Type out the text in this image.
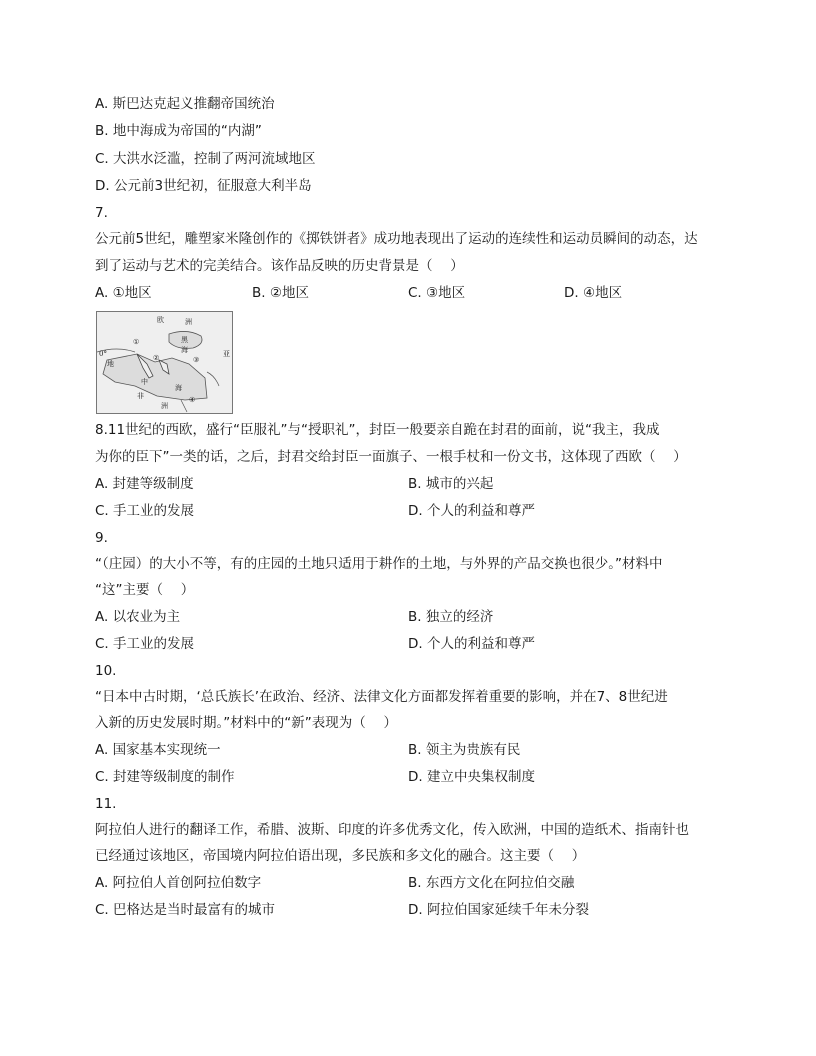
A. 斯巴达克起义推翻帝国统治
B. 地中海成为帝国的“内湖”
C. 大洪水泛滥，控制了两河流域地区
D. 公元前3世纪初，征服意大利半岛
7.
公元前5世纪，雕塑家米隆创作的《掷铁饼者》成功地表现出了运动的连续性和运动员瞬间的动态，达
到了运动与艺术的完美结合。该作品反映的历史背景是（　 ）
A. ①地区	B. ②地区	C. ③地区	D. ④地区
欧	洲
黑
海	亚
0°
地
中
海
非
洲
①
②	③
④
8.11世纪的西欧，盛行“臣服礼”与“授职礼”，封臣一般要亲自跪在封君的面前，说“我主，我成
为你的臣下”一类的话，之后，封君交给封臣一面旗子、一根手杖和一份文书，这体现了西欧（　 ）
A. 封建等级制度	B. 城市的兴起
C. 手工业的发展	D. 个人的利益和尊严
9.
“（庄园）的大小不等，有的庄园的土地只适用于耕作的土地，与外界的产品交换也很少。”材料中
“这”主要（　 ）
A. 以农业为主	B. 独立的经济
C. 手工业的发展	D. 个人的利益和尊严
10.
“日本中古时期，‘总氏族长’在政治、经济、法律文化方面都发挥着重要的影响，并在7、8世纪进
入新的历史发展时期。”材料中的“新”表现为（　 ）
A. 国家基本实现统一	B. 领主为贵族有民
C. 封建等级制度的制作	D. 建立中央集权制度
11.
阿拉伯人进行的翻译工作，希腊、波斯、印度的许多优秀文化，传入欧洲，中国的造纸术、指南针也
已经通过该地区，帝国境内阿拉伯语出现，多民族和多文化的融合。这主要（　 ）
A. 阿拉伯人首创阿拉伯数字	B. 东西方文化在阿拉伯交融
C. 巴格达是当时最富有的城市	D. 阿拉伯国家延续千年未分裂
